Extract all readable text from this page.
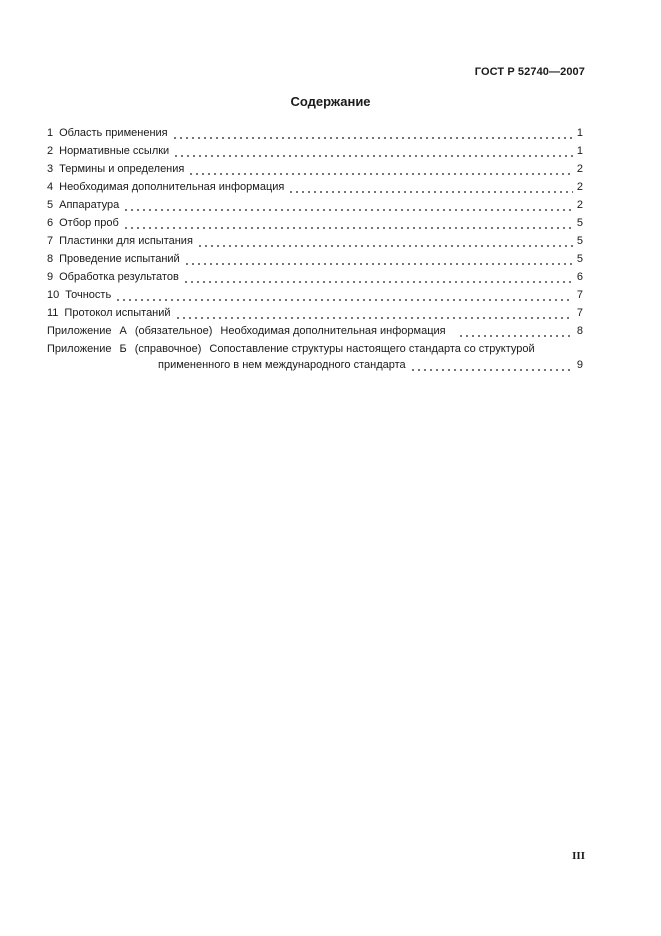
ГОСТ Р 52740—2007
Содержание
1 Область применения	1
2 Нормативные ссылки	1
3 Термины и определения	2
4 Необходимая дополнительная информация	2
5 Аппаратура	2
6 Отбор проб	5
7 Пластинки для испытания	5
8 Проведение испытаний	5
9 Обработка результатов	6
10 Точность	7
11 Протокол испытаний	7
Приложение А (обязательное) Необходимая дополнительная информация	8
Приложение Б (справочное) Сопоставление структуры настоящего стандарта со структурой
примененного в нем международного стандарта	9
III
